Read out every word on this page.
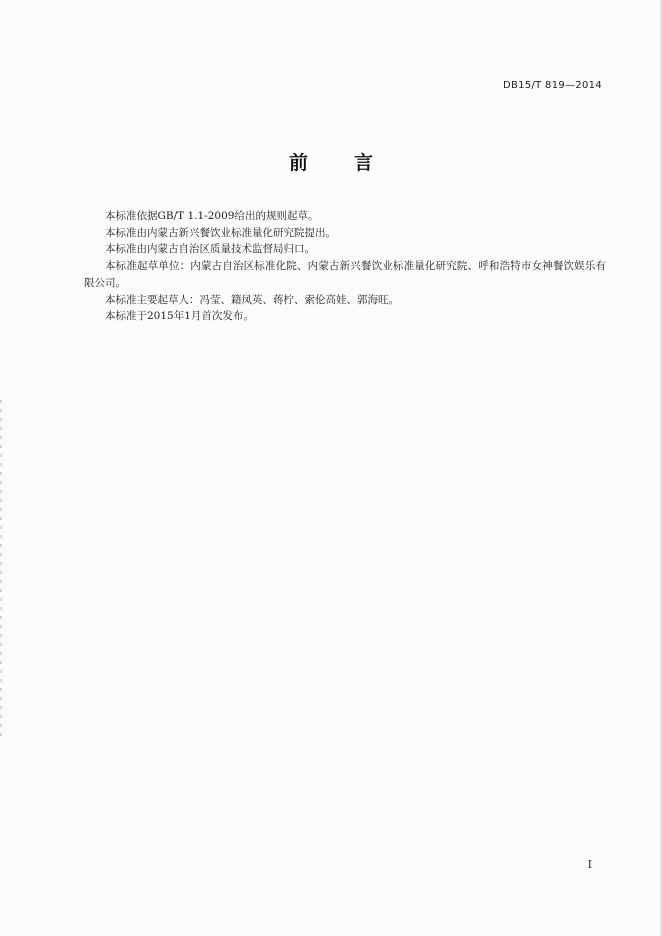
DB15/T 819—2014
前言

本标准依据GB/T 1.1-2009给出的规则起草。

本标准由内蒙古新兴餐饮业标准量化研究院提出。

本标准由内蒙古自治区质量技术监督局归口。

本标准起草单位：内蒙古自治区标准化院、内蒙古新兴餐饮业标准量化研究院、呼和浩特市女神餐饮娱乐有限公司。

本标准主要起草人：冯莹、籍凤英、蒋柠、索伦高娃、郭海旺。

本标准于2015年1月首次发布。

I
